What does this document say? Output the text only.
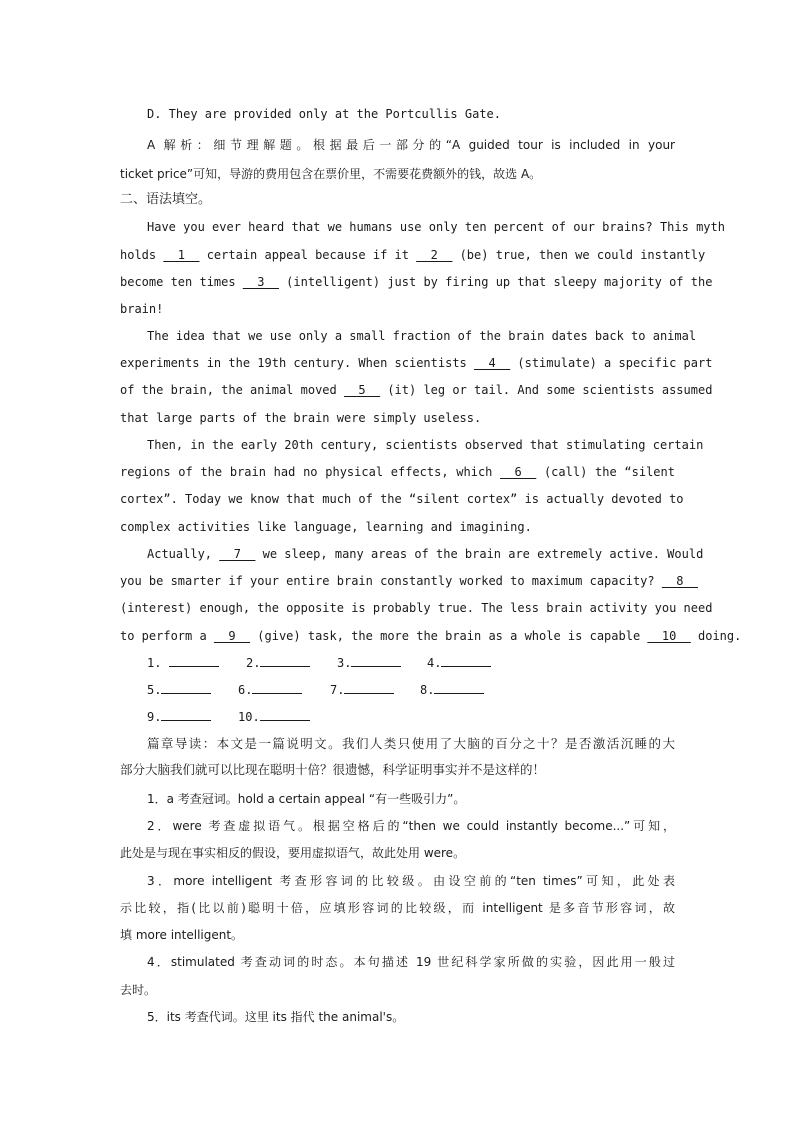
D. They are provided only at the Portcullis Gate.
A 解析：细节理解题。根据最后一部分的“A guided tour is included in your
ticket price”可知，导游的费用包含在票价里，不需要花费额外的钱，故选 A。
二、语法填空。
Have you ever heard that we humans use only ten percent of our brains? This myth
holds __1__ certain appeal because if it __2__ (be) true, then we could instantly
become ten times __3__ (intelligent) just by firing up that sleepy majority of the
brain!
The idea that we use only a small fraction of the brain dates back to animal
experiments in the 19th century. When scientists __4__ (stimulate) a specific part
of the brain, the animal moved __5__ (it) leg or tail. And some scientists assumed
that large parts of the brain were simply useless.
Then, in the early 20th century, scientists observed that stimulating certain
regions of the brain had no physical effects, which __6__ (call) the “silent
cortex”. Today we know that much of the “silent cortex” is actually devoted to
complex activities like language, learning and imagining.
Actually, __7__ we sleep, many areas of the brain are extremely active. Would
you be smarter if your entire brain constantly worked to maximum capacity? __8__
(interest) enough, the opposite is probably true. The less brain activity you need
to perform a __9__ (give) task, the more the brain as a whole is capable __10__ doing.
1.	2.	3.	4.
5.	6.	7.	8.
9.	10.
篇章导读：本文是一篇说明文。我们人类只使用了大脑的百分之十？是否激活沉睡的大
部分大脑我们就可以比现在聪明十倍？很遗憾，科学证明事实并不是这样的！
1．a 考查冠词。hold a certain appeal “有一些吸引力”。
2．were 考查虚拟语气。根据空格后的“then we could instantly become...”可知，
此处是与现在事实相反的假设，要用虚拟语气，故此处用 were。
3．more intelligent 考查形容词的比较级。由设空前的“ten times”可知，此处表
示比较，指(比以前)聪明十倍，应填形容词的比较级，而 intelligent 是多音节形容词，故
填 more intelligent。
4．stimulated 考查动词的时态。本句描述 19 世纪科学家所做的实验，因此用一般过
去时。
5．its 考查代词。这里 its 指代 the animal's。
